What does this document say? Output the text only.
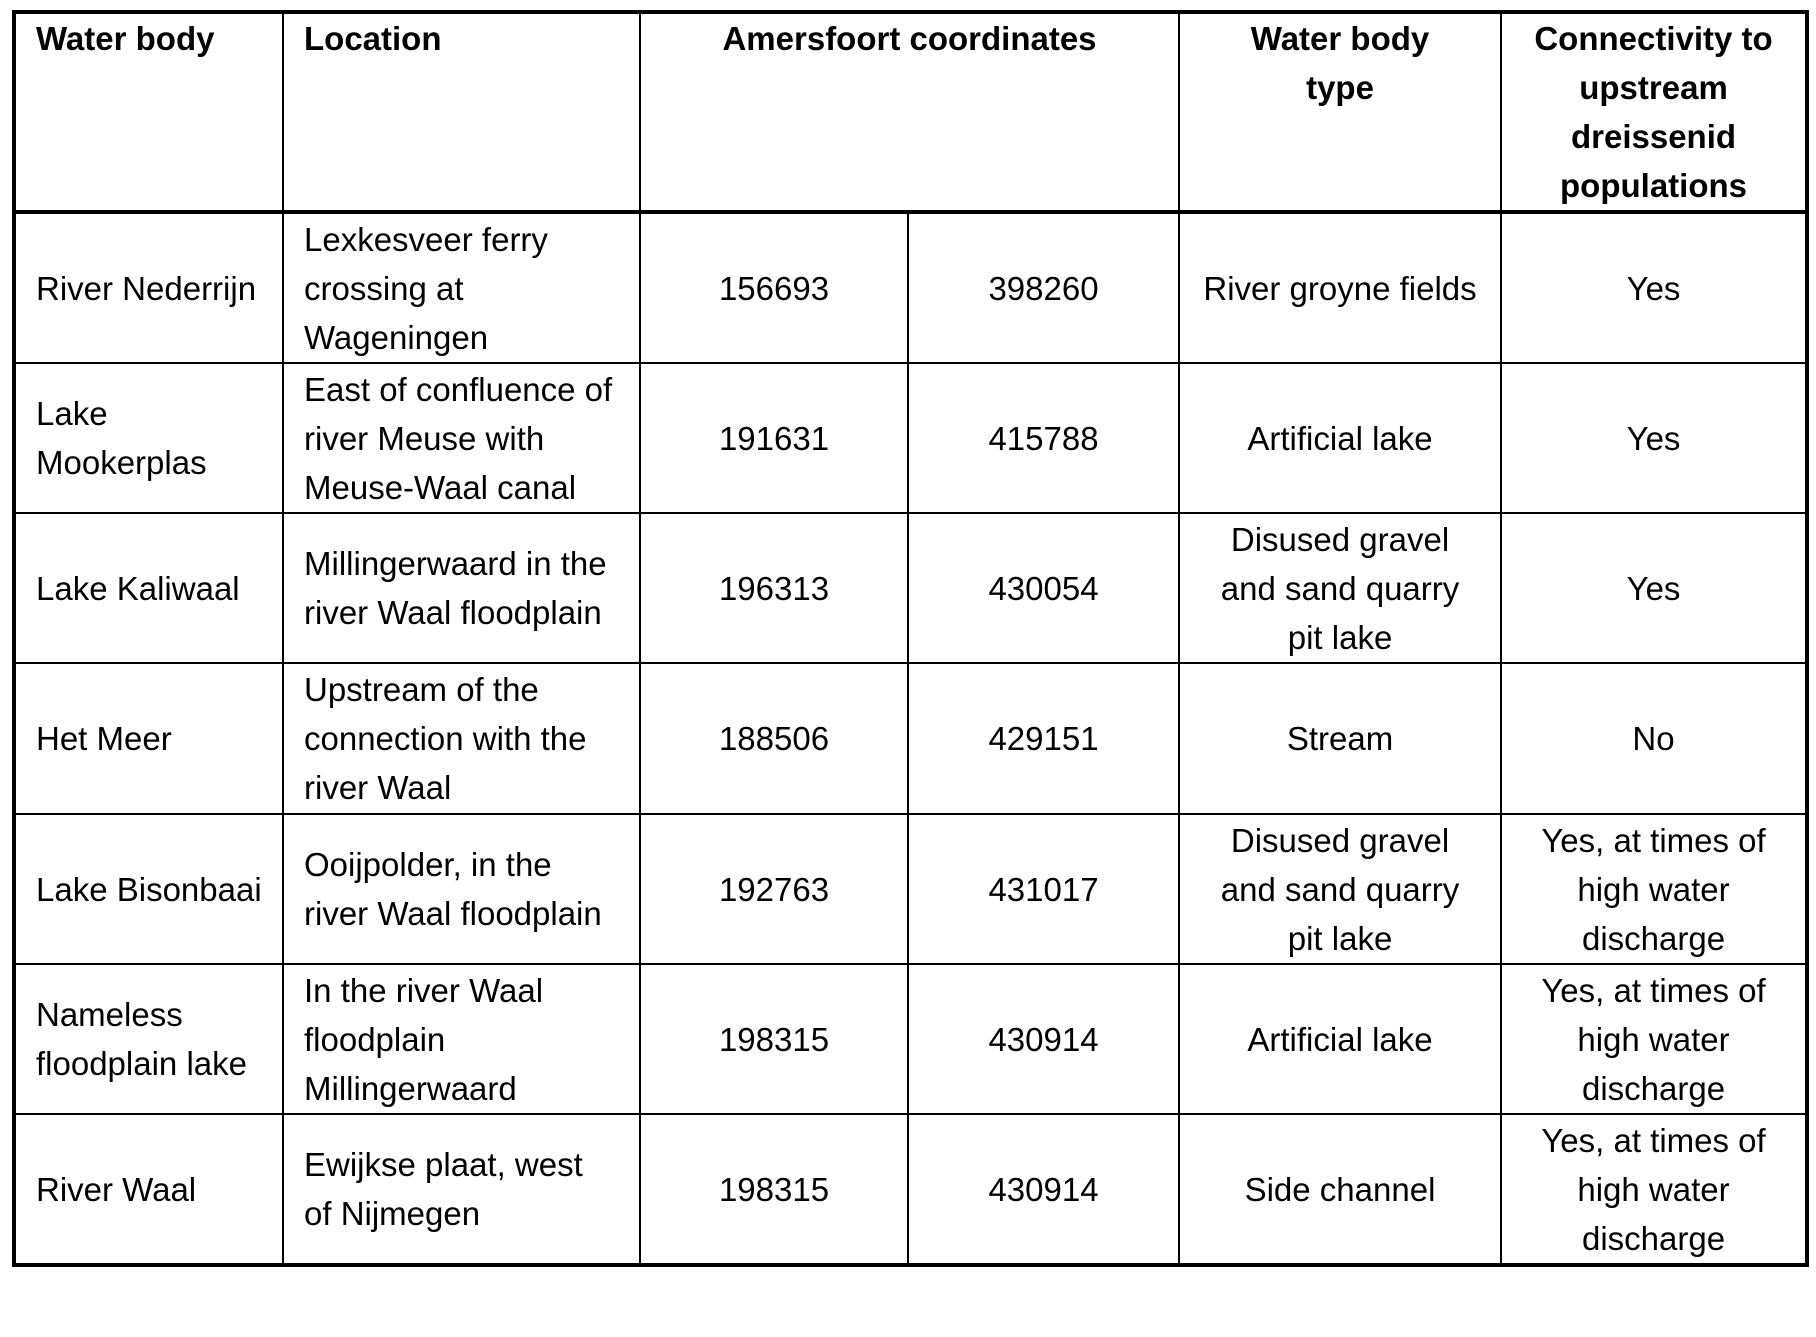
Water body	Location	Amersfoort coordinates		Water body type	Connectivity to upstream dreissenid populations
River Nederrijn	Lexkesveer ferry crossing at Wageningen	156693	398260	River groyne fields	Yes
Lake Mookerplas	East of confluence of river Meuse with Meuse-Waal canal	191631	415788	Artificial lake	Yes
Lake Kaliwaal	Millingerwaard in the river Waal floodplain	196313	430054	Disused gravel and sand quarry pit lake	Yes
Het Meer	Upstream of the connection with the river Waal	188506	429151	Stream	No
Lake Bisonbaai	Ooijpolder, in the river Waal floodplain	192763	431017	Disused gravel and sand quarry pit lake	Yes, at times of high water discharge
Nameless floodplain lake	In the river Waal floodplain Millingerwaard	198315	430914	Artificial lake	Yes, at times of high water discharge
River Waal	Ewijkse plaat, west of Nijmegen	198315	430914	Side channel	Yes, at times of high water discharge
